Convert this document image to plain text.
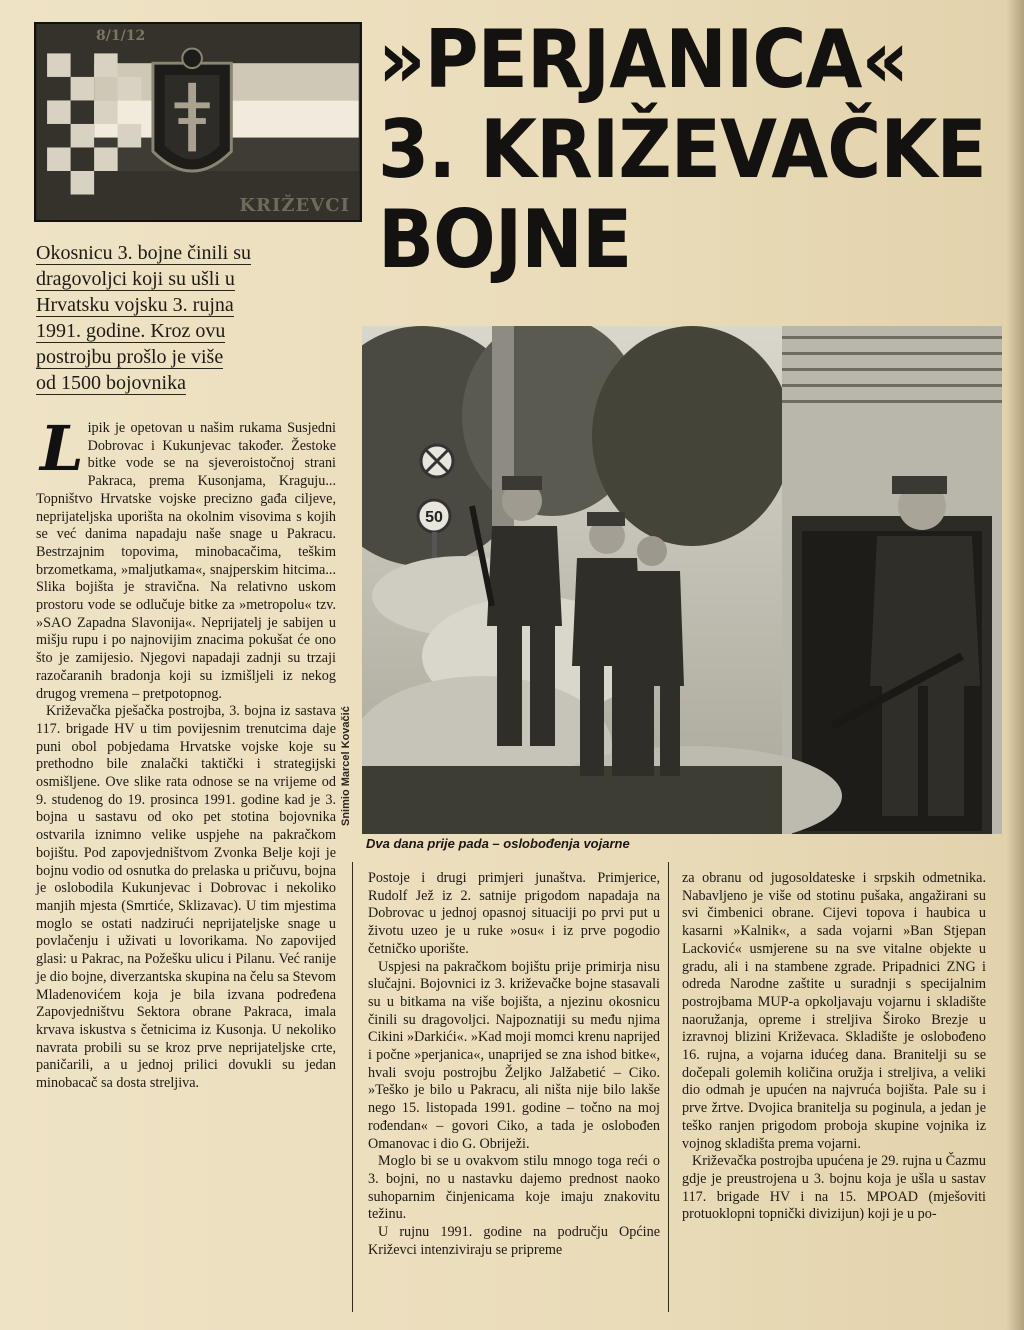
8/1/12
KRIŽEVCI
»PERJANICA«
3. KRIŽEVAČKE
BOJNE
Okosnicu 3. bojne činili su
dragovoljci koji su ušli u
Hrvatsku vojsku 3. rujna
1991. godine. Kroz ovu
postrojbu prošlo je više
od 1500 bojovnika
50
Snimio Marcel Kovačić
Dva dana prije pada – oslobođenja vojarne

Lipik je opetovan u našim rukama Susjedni Dobrovac i Kukunjevac također. Žestoke bitke vode se na sjeveroistočnoj strani Pakraca, prema Kusonjama, Kraguju... Topništvo Hrvatske vojske precizno gađa ciljeve, neprijateljska uporišta na okolnim visovima s kojih se već danima napadaju naše snage u Pakracu. Bestrzajnim topovima, minobacačima, teškim brzometkama, »maljutkama«, snajperskim hitcima... Slika bojišta je stravična. Na relativno uskom prostoru vode se odlučuje bitke za »metropolu« tzv. »SAO Zapadna Slavonija«. Neprijatelj je sabijen u mišju rupu i po najnovijim znacima pokušat će ono što je zamijesio. Njegovi napadaji zadnji su trzaji razočaranih bradonja koji su izmišljeli iz nekog drugog vremena – pretpotopnog.

Križevačka pješačka postrojba, 3. bojna iz sastava 117. brigade HV u tim povijesnim trenutcima daje puni obol pobjedama Hrvatske vojske koje su prethodno bile znalački taktički i strategijski osmišljene. Ove slike rata odnose se na vrijeme od 9. studenog do 19. prosinca 1991. godine kad je 3. bojna u sastavu od oko pet stotina bojovnika ostvarila iznimno velike uspjehe na pakračkom bojištu. Pod zapovjedništvom Zvonka Belje koji je bojnu vodio od osnutka do prelaska u pričuvu, bojna je oslobodila Kukunjevac i Dobrovac i nekoliko manjih mjesta (Smrtiće, Sklizavac). U tim mjestima moglo se ostati nadzirući neprijateljske snage u povlačenju i uživati u lovorikama. No zapovijed glasi: u Pakrac, na Požešku ulicu i Pilanu. Već ranije je dio bojne, diverzantska skupina na čelu sa Stevom Mladenovićem koja je bila izvana podređena Zapovjedništvu Sektora obrane Pakraca, imala krvava iskustva s četnicima iz Kusonja. U nekoliko navrata probili su se kroz prve neprijateljske crte, paničarili, a u jednoj prilici dovukli su jedan minobacač sa dosta streljiva.

Postoje i drugi primjeri junaštva. Primjerice, Rudolf Jež iz 2. satnije prigodom napadaja na Dobrovac u jednoj opasnoj situaciji po prvi put u životu uzeo je u ruke »osu« i iz prve pogodio četničko uporište.

Uspjesi na pakračkom bojištu prije primirja nisu slučajni. Bojovnici iz 3. križevačke bojne stasavali su u bitkama na više bojišta, a njezinu okosnicu činili su dragovoljci. Najpoznatiji su među njima Cikini »Darkići«. »Kad moji momci krenu naprijed i počne »perjanica«, unaprijed se zna ishod bitke«, hvali svoju postrojbu Željko Jalžabetić – Ciko. »Teško je bilo u Pakracu, ali ništa nije bilo lakše nego 15. listopada 1991. godine – točno na moj rođendan« – govori Ciko, a tada je oslobođen Omanovac i dio G. Obriježi.

Moglo bi se u ovakvom stilu mnogo toga reći o 3. bojni, no u nastavku dajemo prednost naoko suhoparnim činjenicama koje imaju znakovitu težinu.

U rujnu 1991. godine na području Općine Križevci intenziviraju se pripreme

za obranu od jugosoldateske i srpskih odmetnika. Nabavljeno je više od stotinu pušaka, angažirani su svi čimbenici obrane. Cijevi topova i haubica u kasarni »Kalnik«, a sada vojarni »Ban Stjepan Lacković« usmjerene su na sve vitalne objekte u gradu, ali i na stambene zgrade. Pripadnici ZNG i odreda Narodne zaštite u suradnji s specijalnim postrojbama MUP-a opkoljavaju vojarnu i skladište naoružanja, opreme i streljiva Široko Brezje u izravnoj blizini Križevaca. Skladište je oslobođeno 16. rujna, a vojarna idućeg dana. Branitelji su se dočepali golemih količina oružja i streljiva, a veliki dio odmah je upućen na najvruća bojišta. Pale su i prve žrtve. Dvojica branitelja su poginula, a jedan je teško ranjen prigodom proboja skupine vojnika iz vojnog skladišta prema vojarni.

Križevačka postrojba upućena je 29. rujna u Čazmu gdje je preustrojena u 3. bojnu koja je ušla u sastav 117. brigade HV i na 15. MPOAD (mješoviti protuoklopni topnički divizijun) koji je u po-
